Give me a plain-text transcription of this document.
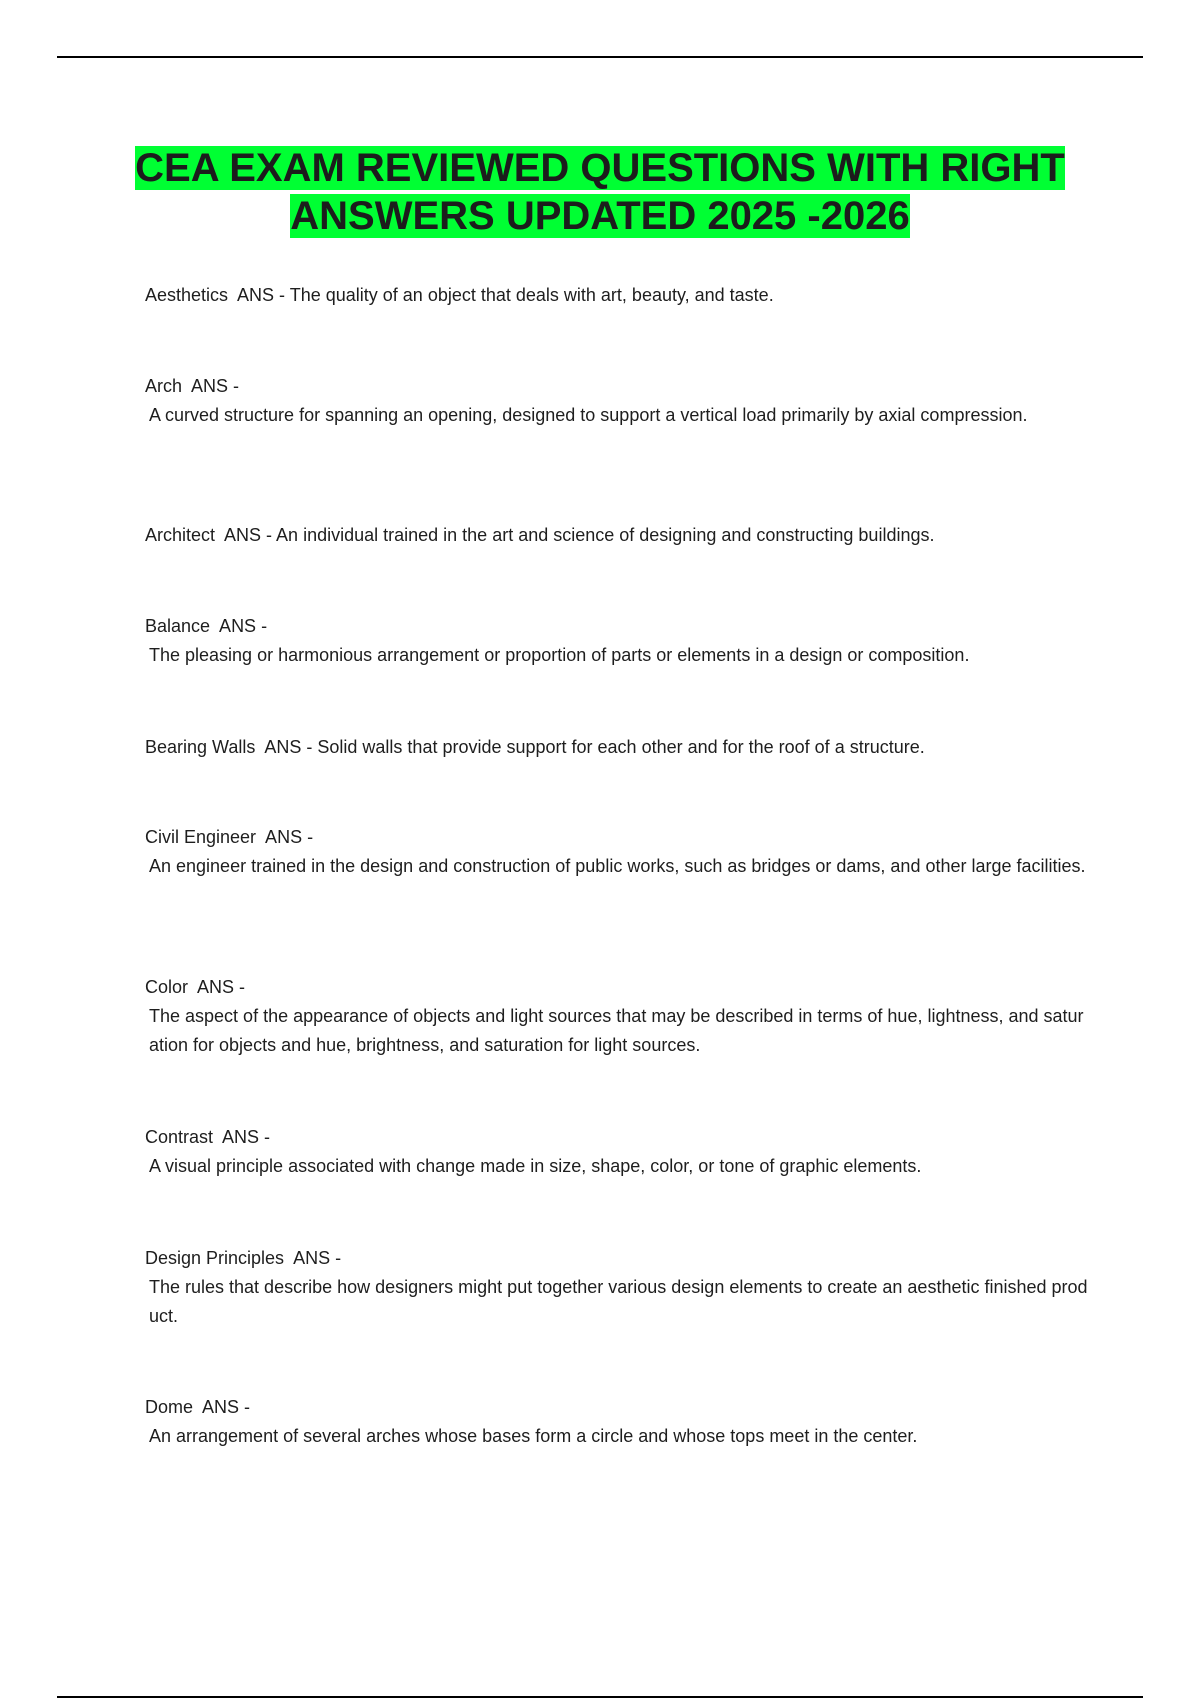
CEA EXAM REVIEWED QUESTIONS WITH RIGHT ANSWERS UPDATED 2025 -2026
Aesthetics  ANS - The quality of an object that deals with art, beauty, and taste.
Arch  ANS -
A curved structure for spanning an opening, designed to support a vertical load primarily by axial compression.
Architect  ANS - An individual trained in the art and science of designing and constructing buildings.
Balance  ANS -
The pleasing or harmonious arrangement or proportion of parts or elements in a design or composition.
Bearing Walls  ANS - Solid walls that provide support for each other and for the roof of a structure.
Civil Engineer  ANS -
An engineer trained in the design and construction of public works, such as bridges or dams, and other large facilities.
Color  ANS -
The aspect of the appearance of objects and light sources that may be described in terms of hue, lightness, and saturation for objects and hue, brightness, and saturation for light sources.
Contrast  ANS -
A visual principle associated with change made in size, shape, color, or tone of graphic elements.
Design Principles  ANS -
The rules that describe how designers might put together various design elements to create an aesthetic finished product.
Dome  ANS -
An arrangement of several arches whose bases form a circle and whose tops meet in the center.
